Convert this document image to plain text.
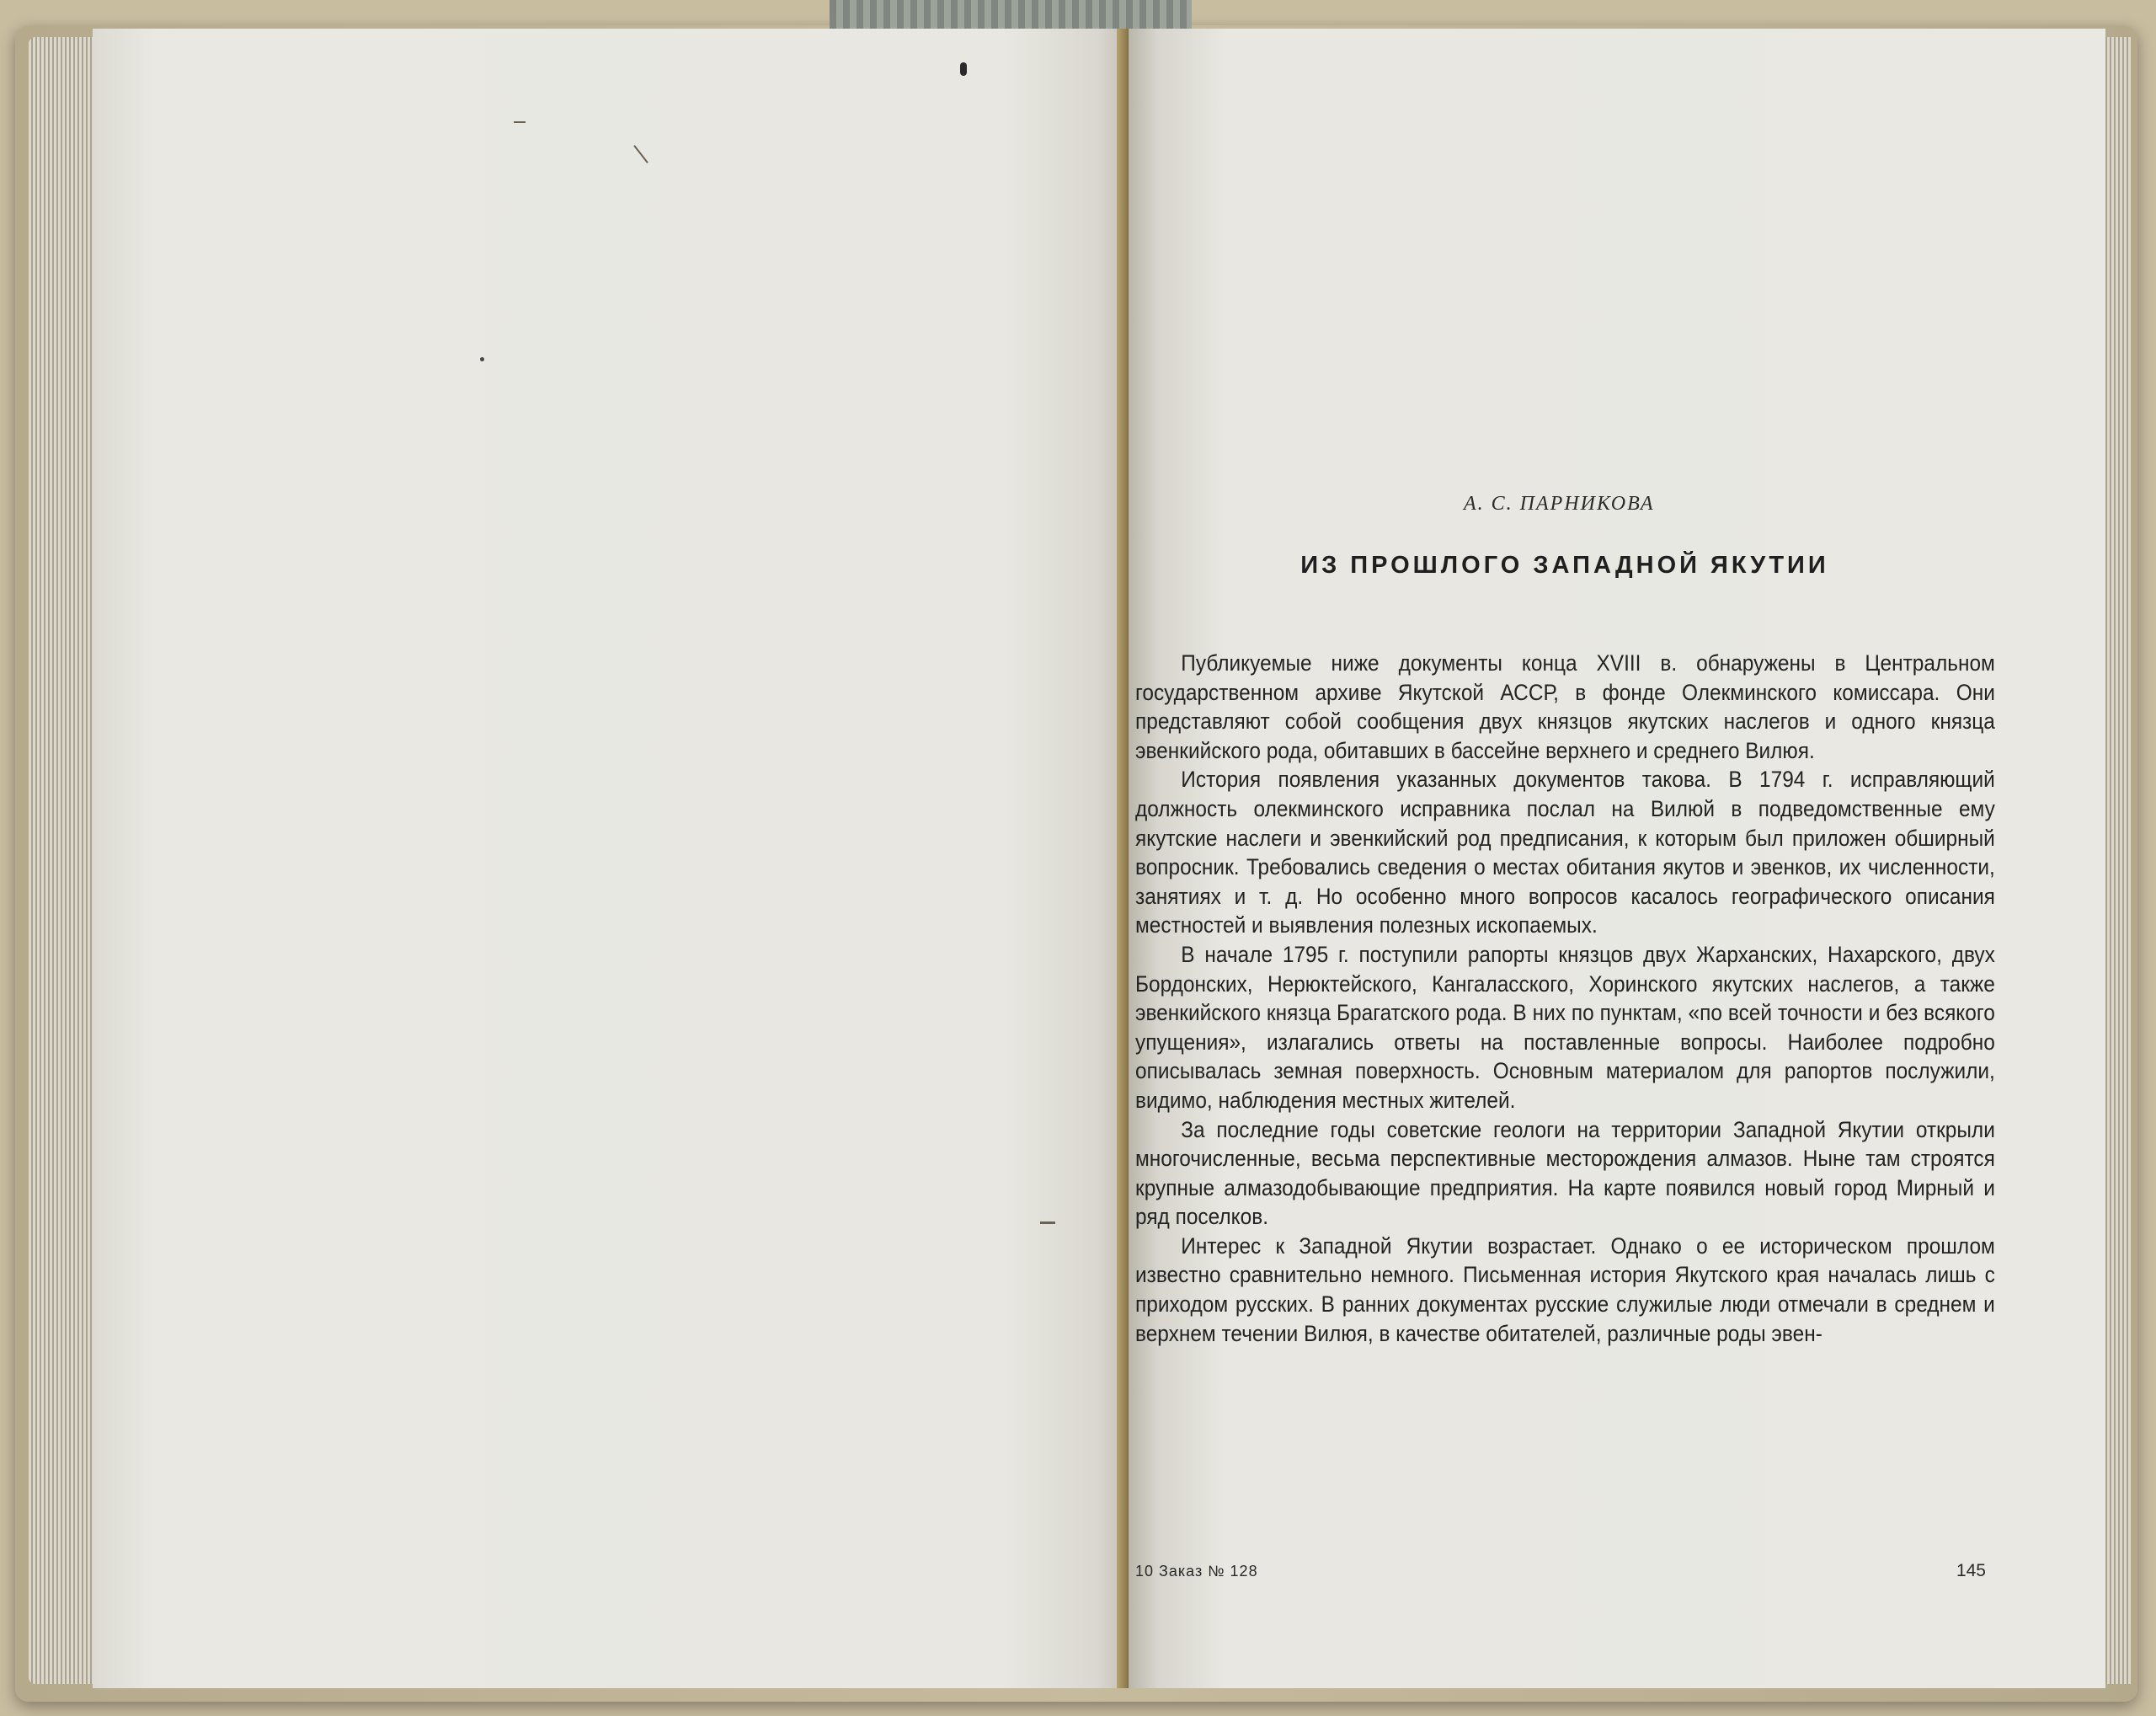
А. С. ПАРНИКОВА
ИЗ ПРОШЛОГО ЗАПАДНОЙ ЯКУТИИ

Публикуемые ниже документы конца XVIII в. обнаружены в Центральном государственном архиве Якутской АССР, в фонде Олекминского комиссара. Они представляют собой сообщения двух князцов якутских наслегов и одного князца эвенкийского рода, обитавших в бассейне верхнего и среднего Вилюя.

История появления указанных документов такова. В 1794 г. исправляющий должность олекминского исправника послал на Вилюй в подведомственные ему якутские наслеги и эвенкийский род предписания, к которым был приложен обширный вопросник. Требовались сведения о местах обитания якутов и эвенков, их численности, занятиях и т. д. Но особенно много вопросов касалось географического описания местностей и выявления полезных ископаемых.

В начале 1795 г. поступили рапорты князцов двух Жарханских, Нахарского, двух Бордонских, Нерюктейского, Кангаласского, Хоринского якутских наслегов, а также эвенкийского князца Брагатского рода. В них по пунктам, «по всей точности и без всякого упущения», излагались ответы на поставленные вопросы. Наиболее подробно описывалась земная поверхность. Основным материалом для рапортов послужили, видимо, наблюдения местных жителей.

За последние годы советские геологи на территории Западной Якутии открыли многочисленные, весьма перспективные месторождения алмазов. Ныне там строятся крупные алмазодобывающие предприятия. На карте появился новый город Мирный и ряд поселков.

Интерес к Западной Якутии возрастает. Однако о ее историческом прошлом известно сравнительно немного. Письменная история Якутского края началась лишь с приходом русских. В ранних документах русские служилые люди отмечали в среднем и верхнем течении Вилюя, в качестве обитателей, различные роды эвен-

10 Заказ № 128	145
